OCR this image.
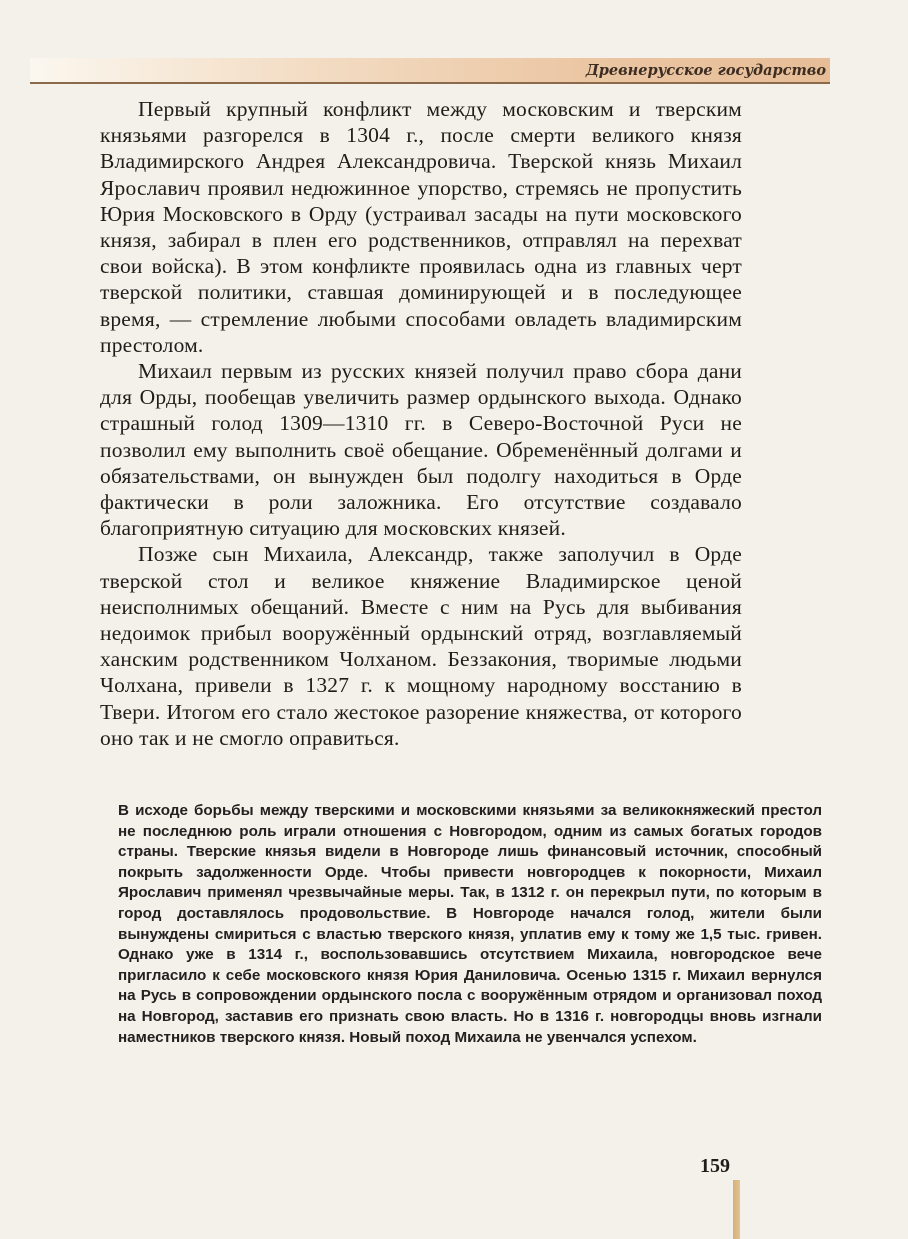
Древнерусское государство

Первый крупный конфликт между московским и тверским князьями разгорелся в 1304 г., после смерти великого князя Владимирского Андрея Александровича. Тверской князь Михаил Ярославич проявил недюжинное упорство, стремясь не пропустить Юрия Московского в Орду (устраивал засады на пути московского князя, забирал в плен его родственников, отправлял на перехват свои войска). В этом конфликте проявилась одна из главных черт тверской политики, ставшая доминирующей и в последующее время, — стремление любыми способами овладеть владимирским престолом.

Михаил первым из русских князей получил право сбора дани для Орды, пообещав увеличить размер ордынского выхода. Однако страшный голод 1309—1310 гг. в Северо-Восточной Руси не позволил ему выполнить своё обещание. Обременённый долгами и обязательствами, он вынужден был подолгу находиться в Орде фактически в роли заложника. Его отсутствие создавало благоприятную ситуацию для московских князей.

Позже сын Михаила, Александр, также заполучил в Орде тверской стол и великое княжение Владимирское ценой неисполнимых обещаний. Вместе с ним на Русь для выбивания недоимок прибыл вооружённый ордынский отряд, возглавляемый ханским родственником Чолханом. Беззакония, творимые людьми Чолхана, привели в 1327 г. к мощному народному восстанию в Твери. Итогом его стало жестокое разорение княжества, от которого оно так и не смогло оправиться.

В исходе борьбы между тверскими и московскими князьями за великокняжеский престол не последнюю роль играли отношения с Новгородом, одним из самых богатых городов страны. Тверские князья видели в Новгороде лишь финансовый источник, способный покрыть задолженности Орде. Чтобы привести новгородцев к покорности, Михаил Ярославич применял чрезвычайные меры. Так, в 1312 г. он перекрыл пути, по которым в город доставлялось продовольствие. В Новгороде начался голод, жители были вынуждены смириться с властью тверского князя, уплатив ему к тому же 1,5 тыс. гривен. Однако уже в 1314 г., воспользовавшись отсутствием Михаила, новгородское вече пригласило к себе московского князя Юрия Даниловича. Осенью 1315 г. Михаил вернулся на Русь в сопровождении ордынского посла с вооружённым отрядом и организовал поход на Новгород, заставив его признать свою власть. Но в 1316 г. новгородцы вновь изгнали наместников тверского князя. Новый поход Михаила не увенчался успехом.

159
